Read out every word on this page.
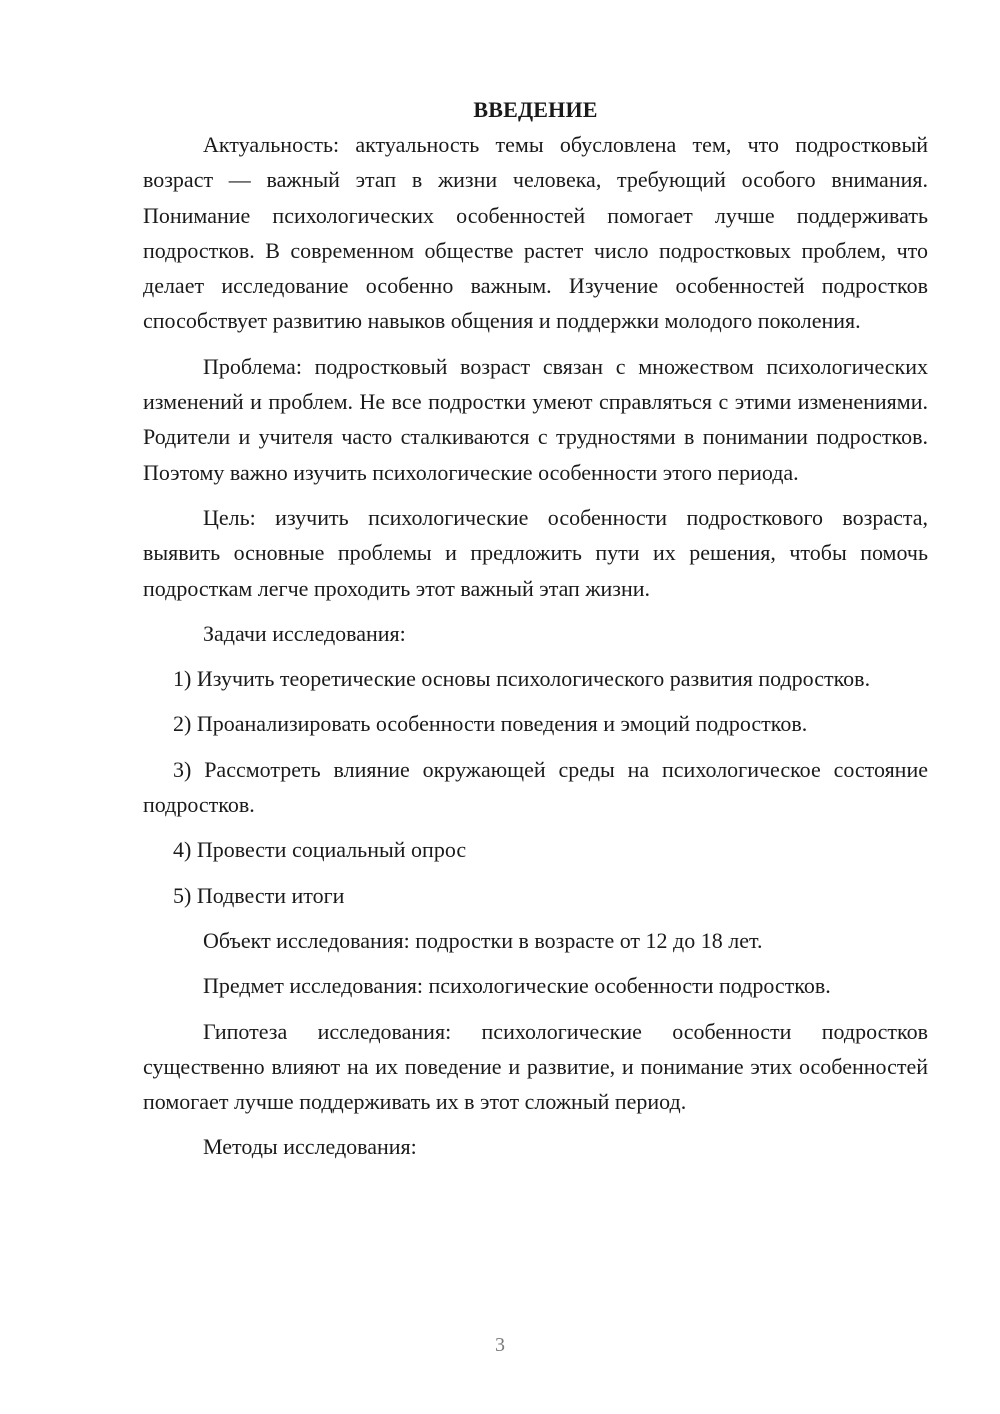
ВВЕДЕНИЕ

Актуальность: актуальность темы обусловлена тем, что подростковый возраст — важный этап в жизни человека, требующий особого внимания. Понимание психологических особенностей помогает лучше поддерживать подростков. В современном обществе растет число подростковых проблем, что делает исследование особенно важным. Изучение особенностей подростков способствует развитию навыков общения и поддержки молодого поколения.

Проблема: подростковый возраст связан с множеством психологических изменений и проблем. Не все подростки умеют справляться с этими изменениями. Родители и учителя часто сталкиваются с трудностями в понимании подростков. Поэтому важно изучить психологические особенности этого периода.

Цель: изучить психологические особенности подросткового возраста, выявить основные проблемы и предложить пути их решения, чтобы помочь подросткам легче проходить этот важный этап жизни.

Задачи исследования:

1) Изучить теоретические основы психологического развития подростков.

2) Проанализировать особенности поведения и эмоций подростков.

3) Рассмотреть влияние окружающей среды на психологическое состояние подростков.

4) Провести социальный опрос

5) Подвести итоги

Объект исследования: подростки в возрасте от 12 до 18 лет.

Предмет исследования: психологические особенности подростков.

Гипотеза исследования: психологические особенности подростков существенно влияют на их поведение и развитие, и понимание этих особенностей помогает лучше поддерживать их в этот сложный период.

Методы исследования:

3
